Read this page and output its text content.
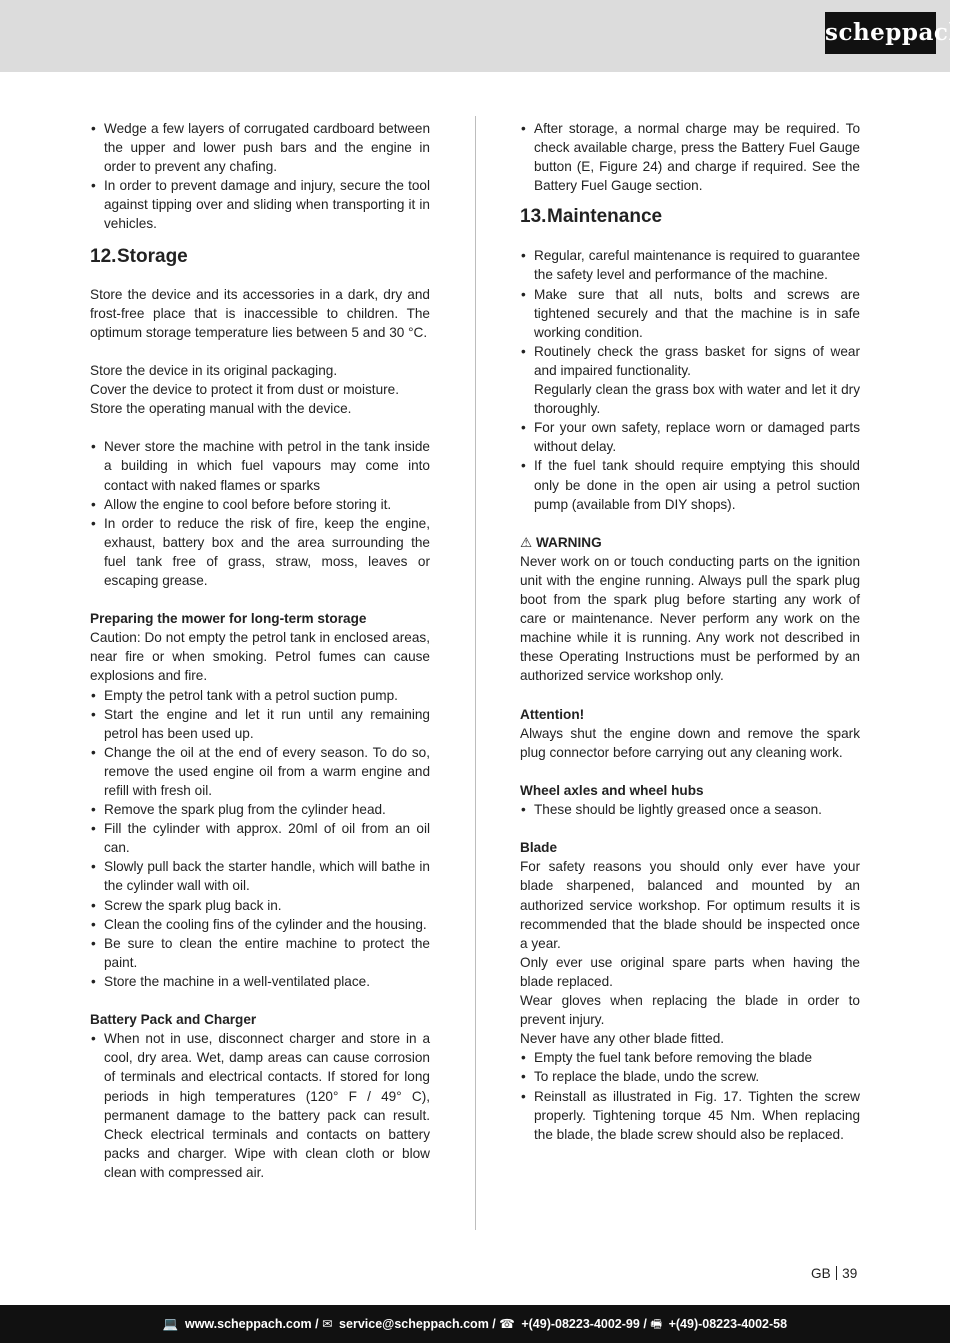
scheppach
• Wedge a few layers of corrugated cardboard between the upper and lower push bars and the engine in order to prevent any chafing.
• In order to prevent damage and injury, secure the tool against tipping over and sliding when transporting it in vehicles.
12.Storage

Store the device and its accessories in a dark, dry and frost-free place that is inaccessible to children. The optimum storage temperature lies between 5 and 30 °C.

Store the device in its original packaging.

Cover the device to protect it from dust or moisture.

Store the operating manual with the device.

• Never store the machine with petrol in the tank inside a building in which fuel vapours may come into contact with naked flames or sparks
• Allow the engine to cool before before storing it.
• In order to reduce the risk of fire, keep the engine, exhaust, battery box and the area surrounding the fuel tank free of grass, straw, moss, leaves or escaping grease.

Preparing the mower for long-term storage

Caution: Do not empty the petrol tank in enclosed areas, near fire or when smoking. Petrol fumes can cause explosions and fire.

• Empty the petrol tank with a petrol suction pump.
• Start the engine and let it run until any remaining petrol has been used up.
• Change the oil at the end of every season. To do so, remove the used engine oil from a warm engine and refill with fresh oil.
• Remove the spark plug from the cylinder head.
• Fill the cylinder with approx. 20ml of oil from an oil can.
• Slowly pull back the starter handle, which will bathe in the cylinder wall with oil.
• Screw the spark plug back in.
• Clean the cooling fins of the cylinder and the housing.
• Be sure to clean the entire machine to protect the paint.
• Store the machine in a well-ventilated place.

Battery Pack and Charger

• When not in use, disconnect charger and store in a cool, dry area. Wet, damp areas can cause corrosion of terminals and electrical contacts. If stored for long periods in high temperatures (120° F / 49° C), permanent damage to the battery pack can result. Check electrical terminals and contacts on battery packs and charger. Wipe with clean cloth or blow clean with compressed air.
• After storage, a normal charge may be required. To check available charge, press the Battery Fuel Gauge button (E, Figure 24) and charge if required. See the Battery Fuel Gauge section.
13.Maintenance
• Regular, careful maintenance is required to guarantee the safety level and performance of the machine.
• Make sure that all nuts, bolts and screws are tightened securely and that the machine is in safe working condition.
• Routinely check the grass basket for signs of wear and impaired functionality.
Regularly clean the grass box with water and let it dry thoroughly.
• For your own safety, replace worn or damaged parts without delay.
• If the fuel tank should require emptying this should only be done in the open air using a petrol suction pump (available from DIY shops).

⚠ WARNING

Never work on or touch conducting parts on the ignition unit with the engine running. Always pull the spark plug boot from the spark plug before starting any work of care or maintenance. Never perform any work on the machine while it is running. Any work not described in these Operating Instructions must be performed by an authorized service workshop only.

Attention!

Always shut the engine down and remove the spark plug connector before carrying out any cleaning work.

Wheel axles and wheel hubs

• These should be lightly greased once a season.

Blade

For safety reasons you should only ever have your blade sharpened, balanced and mounted by an authorized service workshop. For optimum results it is recommended that the blade should be inspected once a year.

Only ever use original spare parts when having the blade replaced.

Wear gloves when replacing the blade in order to prevent injury.

Never have any other blade fitted.

• Empty the fuel tank before removing the blade
• To replace the blade, undo the screw.
• Reinstall as illustrated in Fig. 17. Tighten the screw properly. Tightening torque 45 Nm. When replacing the blade, the blade screw should also be replaced.
GB 39
💻 www.scheppach.com / ✉ service@scheppach.com / ☎ +(49)-08223-4002-99 / 🖷 +(49)-08223-4002-58
